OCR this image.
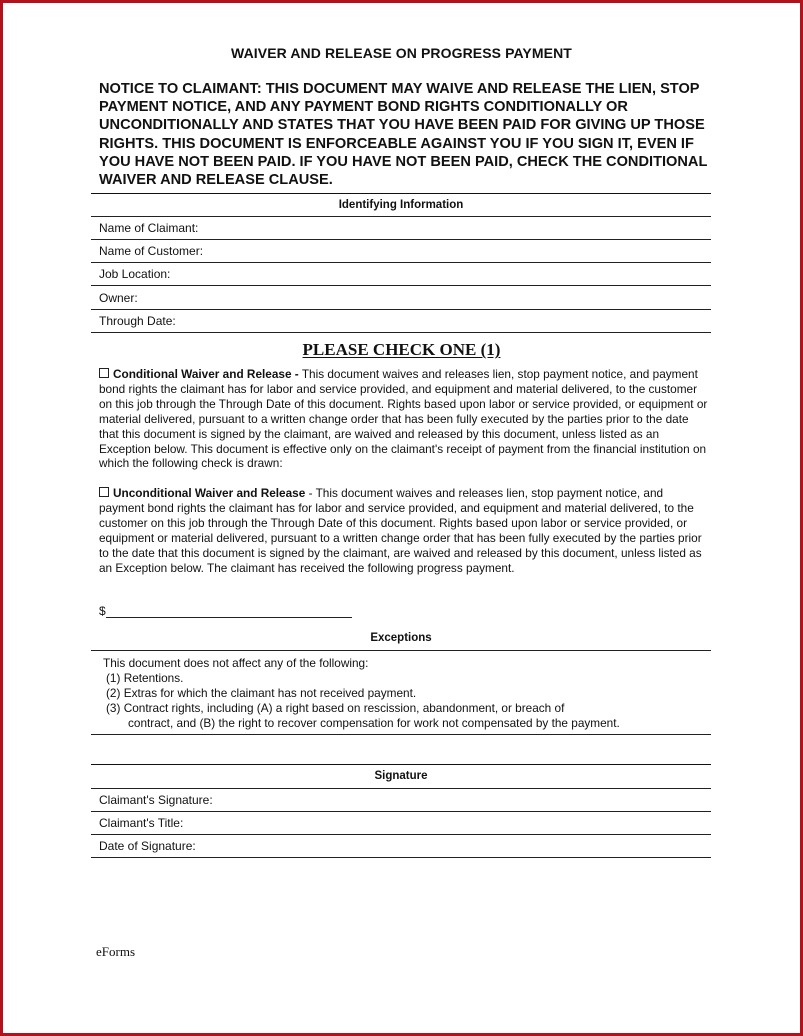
WAIVER AND RELEASE ON PROGRESS PAYMENT
NOTICE TO CLAIMANT: THIS DOCUMENT MAY WAIVE AND RELEASE THE LIEN, STOP PAYMENT NOTICE, AND ANY PAYMENT BOND RIGHTS CONDITIONALLY OR UNCONDITIONALLY AND STATES THAT YOU HAVE BEEN PAID FOR GIVING UP THOSE RIGHTS. THIS DOCUMENT IS ENFORCEABLE AGAINST YOU IF YOU SIGN IT, EVEN IF YOU HAVE NOT BEEN PAID. IF YOU HAVE NOT BEEN PAID, CHECK THE CONDITIONAL WAIVER AND RELEASE CLAUSE.
Identifying Information
Name of Claimant:
Name of Customer:
Job Location:
Owner:
Through Date:
PLEASE CHECK ONE (1)
Conditional Waiver and Release - This document waives and releases lien, stop payment notice, and payment bond rights the claimant has for labor and service provided, and equipment and material delivered, to the customer on this job through the Through Date of this document. Rights based upon labor or service provided, or equipment or material delivered, pursuant to a written change order that has been fully executed by the parties prior to the date that this document is signed by the claimant, are waived and released by this document, unless listed as an Exception below. This document is effective only on the claimant's receipt of payment from the financial institution on which the following check is drawn:
Unconditional Waiver and Release - This document waives and releases lien, stop payment notice, and payment bond rights the claimant has for labor and service provided, and equipment and material delivered, to the customer on this job through the Through Date of this document. Rights based upon labor or service provided, or equipment or material delivered, pursuant to a written change order that has been fully executed by the parties prior to the date that this document is signed by the claimant, are waived and released by this document, unless listed as an Exception below. The claimant has received the following progress payment.
$
Exceptions
This document does not affect any of the following:
(1) Retentions.
(2) Extras for which the claimant has not received payment.
(3) Contract rights, including (A) a right based on rescission, abandonment, or breach of
contract, and (B) the right to recover compensation for work not compensated by the payment.
Signature
Claimant's Signature:
Claimant's Title:
Date of Signature:
eForms
